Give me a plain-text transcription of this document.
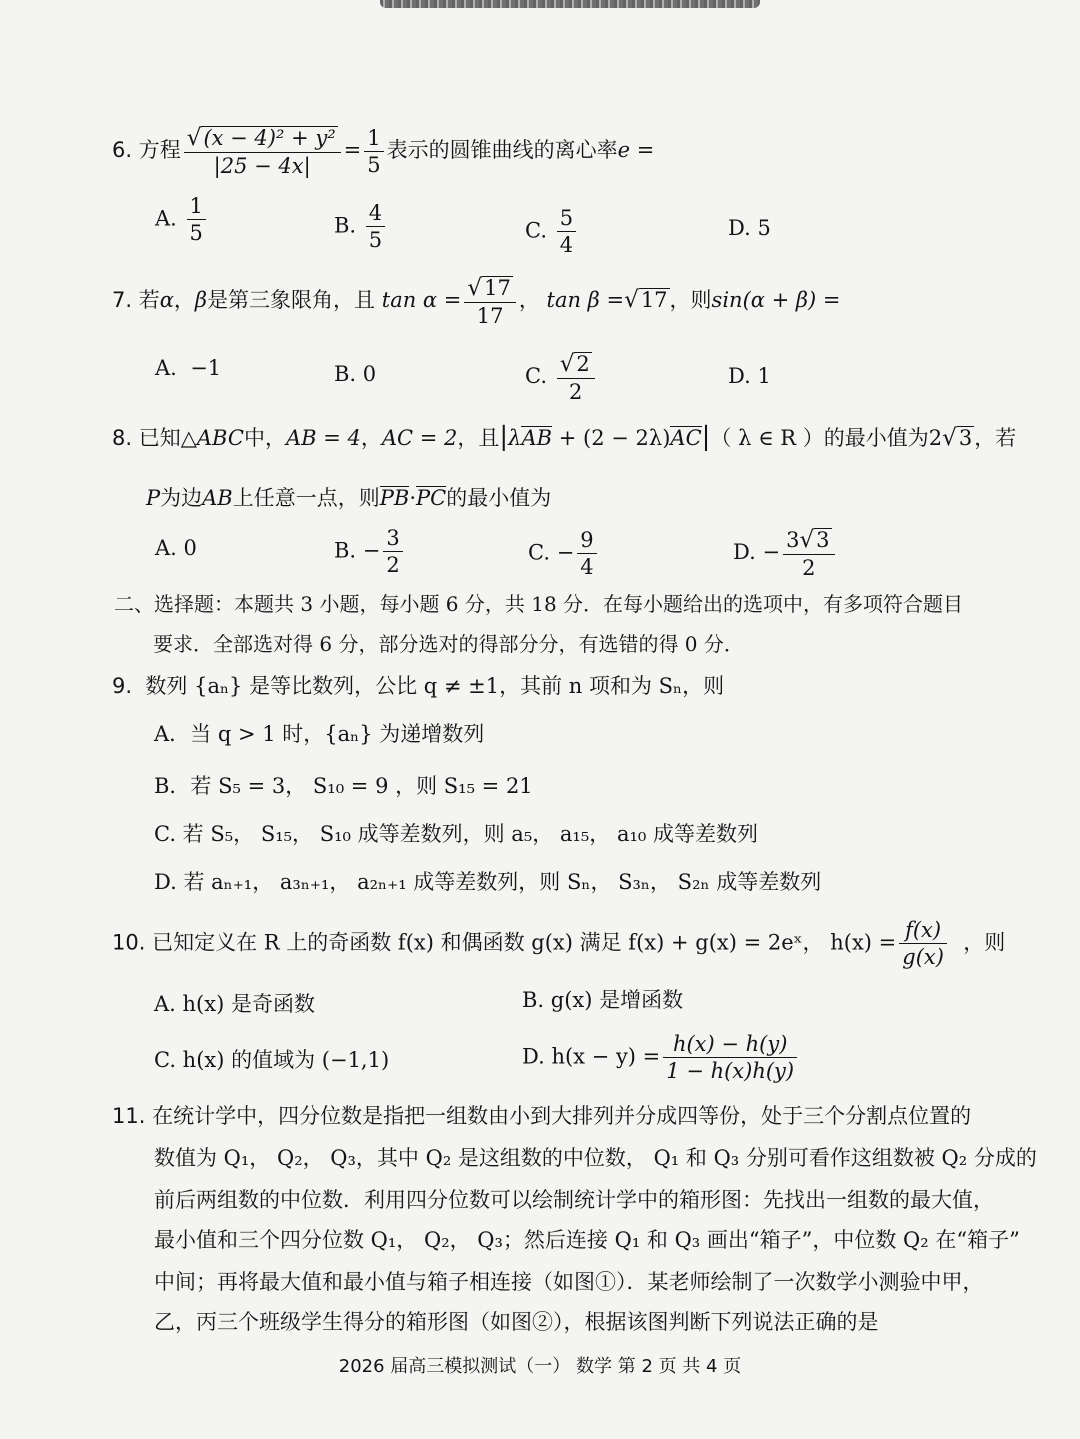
6. 方程 $\frac{\text{√(x − 4)² + y²}}{|25 - 4x|} = \frac{1}{5}$ 表示的圆锥曲线的离心率e =
A. $\frac{1}{5}$	B. $\frac{4}{5}$	C. $\frac{5}{4}$	D. 5
7. 若α，β是第三象限角，且 $\tan \alpha = \frac{√17}{17}$ ， tan β =√17，则sin(α + β) =
A. −1	B. 0	C. $\frac{√2}{2}$	D. 1
8. 已知△ABC中，AB = 4，AC = 2，且|λAB + (2 − 2λ)AC|（ λ ∈ R ）的最小值为2√3，若
P为边AB上任意一点，则PB·PC的最小值为
A. 0	B. − $\frac{3}{2}$	C. − $\frac{9}{4}$	D. − $\frac{3√3}{2}$
二、选择题：本题共 3 小题，每小题 6 分，共 18 分．在每小题给出的选项中，有多项符合题目
要求．全部选对得 6 分，部分选对的得部分分，有选错的得 0 分．
9. 数列 {aₙ} 是等比数列，公比 q ≠ ±1，其前 n 项和为 Sₙ，则
A．当 q > 1 时，{aₙ} 为递增数列
B．若 S₅ = 3， S₁₀ = 9 ，则 S₁₅ = 21
C. 若 S₅， S₁₅， S₁₀ 成等差数列，则 a₅， a₁₅， a₁₀ 成等差数列
D. 若 aₙ₊₁， a₃ₙ₊₁， a₂ₙ₊₁ 成等差数列，则 Sₙ， S₃ₙ， S₂ₙ 成等差数列
10. 已知定义在 R 上的奇函数 f(x) 和偶函数 g(x) 满足 f(x) + g(x) = 2eˣ， $h(x) = \frac{f(x)}{g(x)}$ ，则
A. h(x) 是奇函数	B. g(x) 是增函数
C. h(x) 的值域为 (−1,1)	D. $h(x - y) = \frac{h(x) - h(y)}{1 - h(x)h(y)}$
11. 在统计学中，四分位数是指把一组数由小到大排列并分成四等份，处于三个分割点位置的
数值为 Q₁， Q₂， Q₃，其中 Q₂ 是这组数的中位数， Q₁ 和 Q₃ 分别可看作这组数被 Q₂ 分成的
前后两组数的中位数．利用四分位数可以绘制统计学中的箱形图：先找出一组数的最大值，
最小值和三个四分位数 Q₁， Q₂， Q₃；然后连接 Q₁ 和 Q₃ 画出“箱子”，中位数 Q₂ 在“箱子”
中间；再将最大值和最小值与箱子相连接（如图①）．某老师绘制了一次数学小测验中甲，
乙，丙三个班级学生得分的箱形图（如图②），根据该图判断下列说法正确的是
2026 届高三模拟测试（一） 数学 第 2 页 共 4 页
